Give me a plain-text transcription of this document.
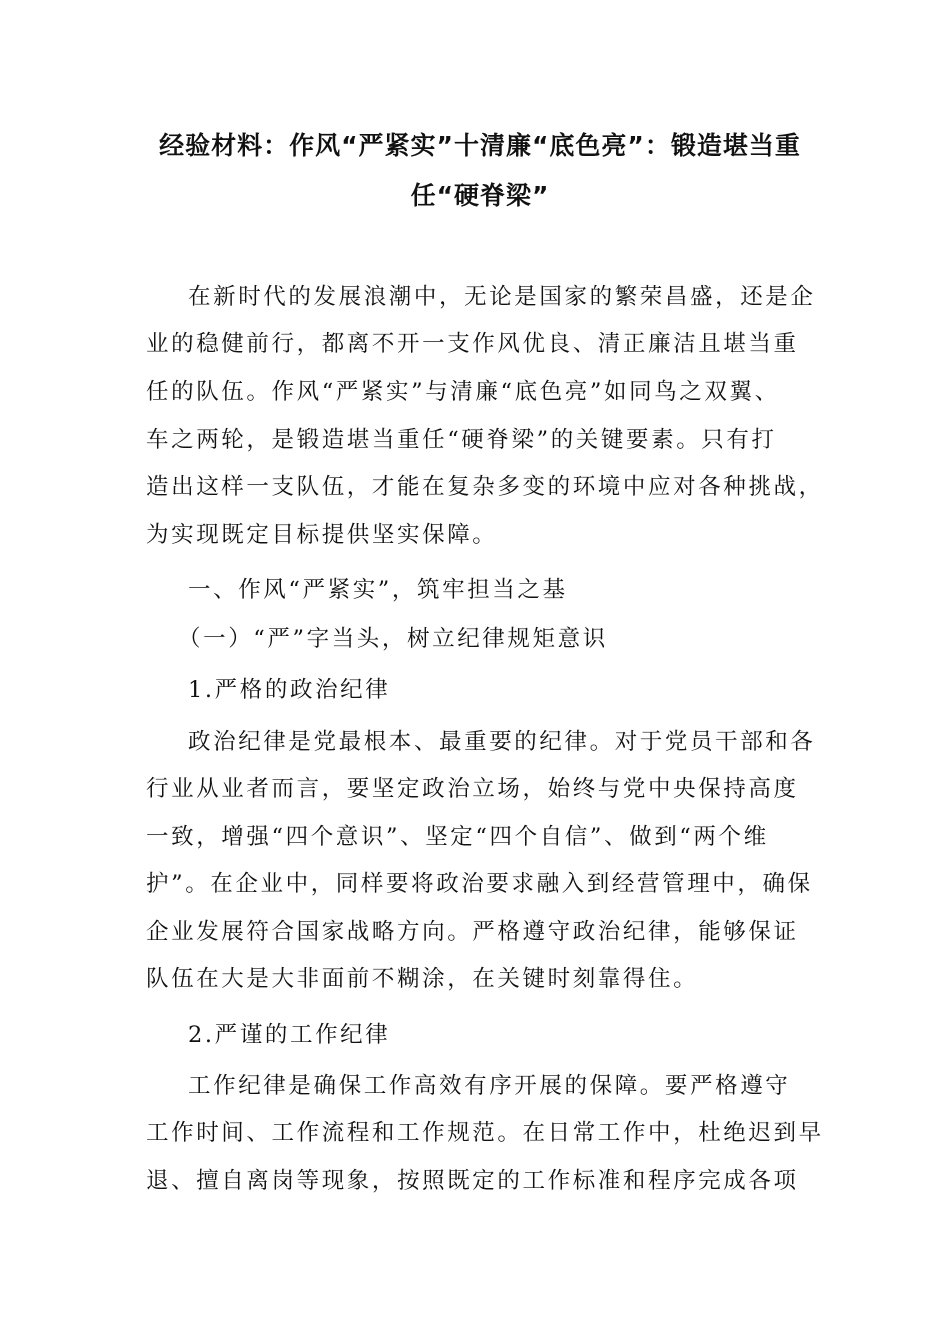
经验材料：作风“严紧实”十清廉“底色亮”：锻造堪当重
任“硬脊梁”
在新时代的发展浪潮中，无论是国家的繁荣昌盛，还是企
业的稳健前行，都离不开一支作风优良、清正廉洁且堪当重
任的队伍。作风“严紧实”与清廉“底色亮”如同鸟之双翼、
车之两轮，是锻造堪当重任“硬脊梁”的关键要素。只有打
造出这样一支队伍，才能在复杂多变的环境中应对各种挑战，
为实现既定目标提供坚实保障。
一、作风“严紧实”，筑牢担当之基
（一）“严”字当头，树立纪律规矩意识
1.严格的政治纪律
政治纪律是党最根本、最重要的纪律。对于党员干部和各
行业从业者而言，要坚定政治立场，始终与党中央保持高度
一致，增强“四个意识”、坚定“四个自信”、做到“两个维
护”。在企业中，同样要将政治要求融入到经营管理中，确保
企业发展符合国家战略方向。严格遵守政治纪律，能够保证
队伍在大是大非面前不糊涂，在关键时刻靠得住。
2.严谨的工作纪律
工作纪律是确保工作高效有序开展的保障。要严格遵守
工作时间、工作流程和工作规范。在日常工作中，杜绝迟到早
退、擅自离岗等现象，按照既定的工作标准和程序完成各项
